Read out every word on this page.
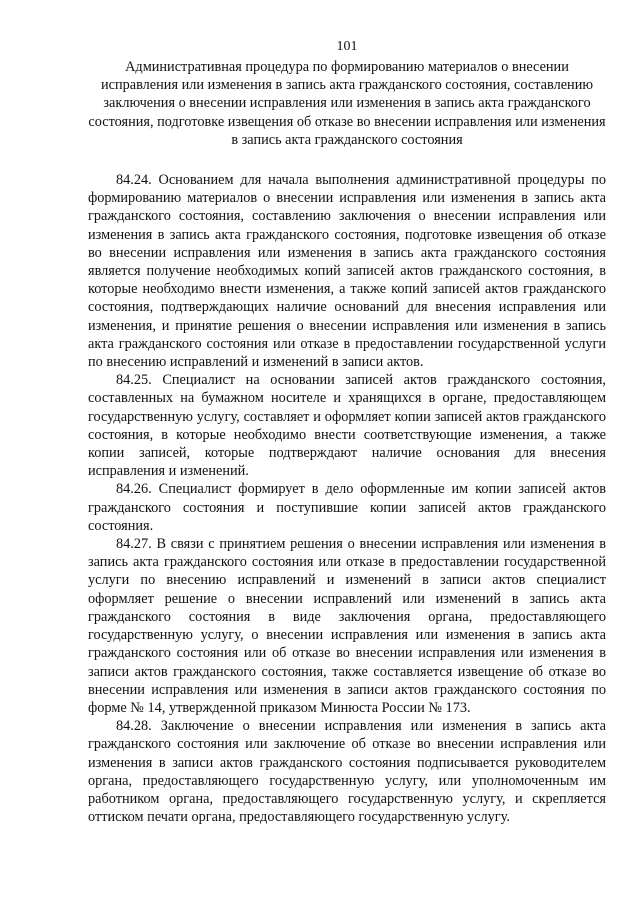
101
Административная процедура по формированию материалов о внесении исправления или изменения в запись акта гражданского состояния, составлению заключения о внесении исправления или изменения в запись акта гражданского состояния, подготовке извещения об отказе во внесении исправления или изменения в запись акта гражданского состояния

84.24. Основанием для начала выполнения административной процедуры по формированию материалов о внесении исправления или изменения в запись акта гражданского состояния, составлению заключения о внесении исправления или изменения в запись акта гражданского состояния, подготовке извещения об отказе во внесении исправления или изменения в запись акта гражданского состояния является получение необходимых копий записей актов гражданского состояния, в которые необходимо внести изменения, а также копий записей актов гражданского состояния, подтверждающих наличие оснований для внесения исправления или изменения, и принятие решения о внесении исправления или изменения в запись акта гражданского состояния или отказе в предоставлении государственной услуги по внесению исправлений и изменений в записи актов.

84.25. Специалист на основании записей актов гражданского состояния, составленных на бумажном носителе и хранящихся в органе, предоставляющем государственную услугу, составляет и оформляет копии записей актов гражданского состояния, в которые необходимо внести соответствующие изменения, а также копии записей, которые подтверждают наличие основания для внесения исправления и изменений.

84.26. Специалист формирует в дело оформленные им копии записей актов гражданского состояния и поступившие копии записей актов гражданского состояния.

84.27. В связи с принятием решения о внесении исправления или изменения в запись акта гражданского состояния или отказе в предоставлении государственной услуги по внесению исправлений и изменений в записи актов специалист оформляет решение о внесении исправлений или изменений в запись акта гражданского состояния в виде заключения органа, предоставляющего государственную услугу, о внесении исправления или изменения в запись акта гражданского состояния или об отказе во внесении исправления или изменения в записи актов гражданского состояния, также составляется извещение об отказе во внесении исправления или изменения в записи актов гражданского состояния по форме № 14, утвержденной приказом Минюста России № 173.

84.28. Заключение о внесении исправления или изменения в запись акта гражданского состояния или заключение об отказе во внесении исправления или изменения в записи актов гражданского состояния подписывается руководителем органа, предоставляющего государственную услугу, или уполномоченным им работником органа, предоставляющего государственную услугу, и скрепляется оттиском печати органа, предоставляющего государственную услугу.
